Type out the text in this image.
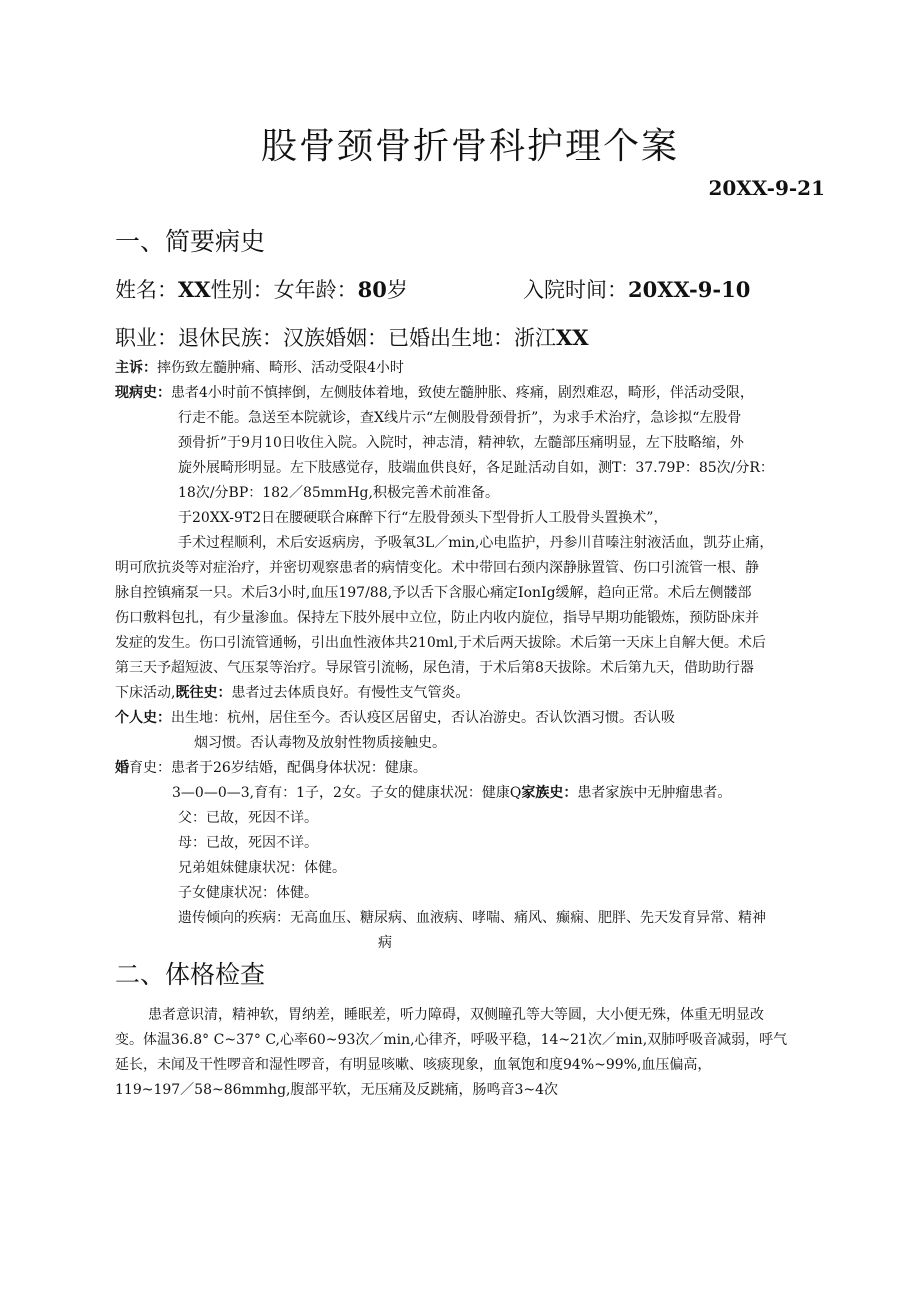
股骨颈骨折骨科护理个案
20XX-9-21
一、简要病史
姓名：XX性别：女年龄：80岁	入院时间：20XX-9-10
职业：退休民族：汉族婚姻：已婚出生地：浙江XX
主诉：摔伤致左髓肿痛、畸形、活动受限4小时
现病史：患者4小时前不慎摔倒，左侧肢体着地，致使左髓肿胀、疼痛，剧烈难忍，畸形，伴活动受限，
行走不能。急送至本院就诊，查X线片示“左侧股骨颈骨折”，为求手术治疗，急诊拟“左股骨
颈骨折”于9月10日收住入院。入院时，神志清，精神软，左髓部压痛明显，左下肢略缩，外
旋外展畸形明显。左下肢感觉存，肢端血供良好，各足趾活动自如，测T：37.79P：85次/分R：
18次/分BP：182／85mmHg,积极完善术前准备。
于20XX-9T2日在腰硬联合麻醉下行“左股骨颈头下型骨折人工股骨头置换术”，
手术过程顺利，术后安返病房，予吸氧3L／min,心电监护，丹参川苜嗪注射液活血，凯芬止痛，
明可欣抗炎等对症治疗，并密切观察患者的病情变化。术中带回右颈内深静脉置管、伤口引流管一根、静
脉自控镇痛泵一只。术后3小时,血压197/88,予以舌下含服心痛定IonIg缓解，趋向正常。术后左侧髅部
伤口敷料包扎，有少量渗血。保持左下肢外展中立位，防止内收内旋位，指导早期功能锻炼，预防卧床并
发症的发生。伤口引流管通畅，引出血性液体共210ml,于术后两天拔除。术后第一天床上自解大便。术后
第三天予超短波、气压泵等治疗。导尿管引流畅，尿色清，于术后第8天拔除。术后第九天，借助助行器
下床活动,既往史：患者过去体质良好。有慢性支气管炎。
个人史：出生地：杭州，居住至今。否认疫区居留史，否认冶游史。否认饮酒习惯。否认吸
烟习惯。否认毒物及放射性物质接触史。
婚育史：患者于26岁结婚，配偶身体状况：健康。
3—0—0—3,育有：1子，2女。子女的健康状况：健康Q家族史：患者家族中无肿瘤患者。
父：已故，死因不详。
母：已故，死因不详。
兄弟姐妹健康状况：体健。
子女健康状况：体健。
遗传倾向的疾病：无高血压、糖尿病、血液病、哮喘、痛风、癫痫、肥胖、先天发育异常、精神
病
二、体格检查
患者意识清，精神软，胃纳差，睡眠差，听力障碍，双侧瞳孔等大等圆，大小便无殊，体重无明显改
变。体温36.8° C~37° C,心率60~93次／min,心律齐，呼吸平稳，14~21次／min,双肺呼吸音减弱，呼气
延长，未闻及干性啰音和湿性啰音，有明显咳嗽、咳痰现象，血氧饱和度94%~99%,血压偏高，
119~197／58~86mmhg,腹部平软，无压痛及反跳痛，肠鸣音3~4次
